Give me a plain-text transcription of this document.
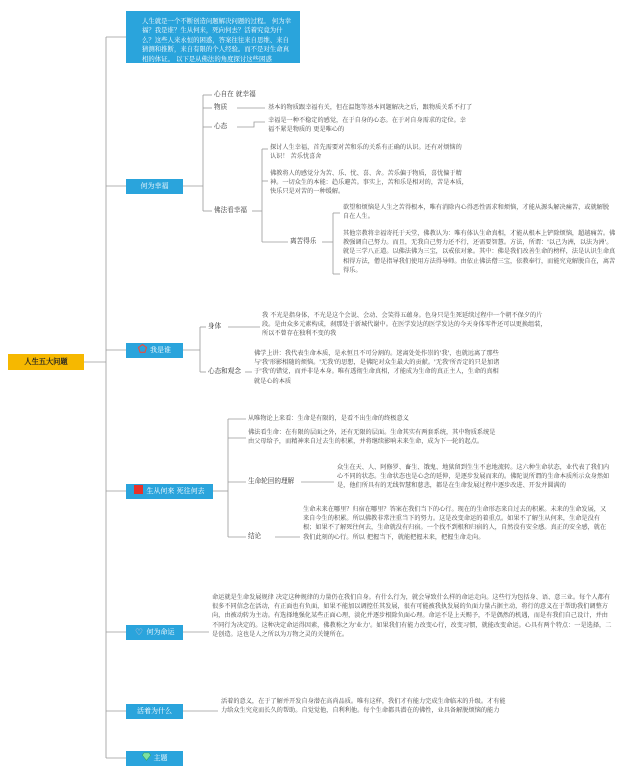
人生五大问题
人生就是一个不断创造问题解决问题的过程。 何为幸福？我是谁？生从何来，死向何去？活着究竟为什么？这些人来永恒的困惑，答案往往来自思维、来自猜测和推断，来自有限的个人经验。而不是对生命真相的体证。 以下是从佛法的角度探讨这些困惑
何为幸福
心自在 就幸福
物质	基本的物质跟幸福有关，但在温饱等基本问题解决之后，跟物质关系不打了
心态
幸福是一种不稳定的感觉，在于自身的心态。在于对自身需求的定位。幸福不紧是物质的 更是唯心的
佛法看幸福
探讨人生幸福，首先需要对苦和乐的关系有正确的认识。还有对烦恼的认识！ 苦乐忧喜舍
佛教将人的感觉分为苦、乐、忧、喜、舍。苦乐偏于物质，喜忧偏于精神。一切众生的本能：趋乐避苦。事实上，苦和乐是相对的，苦是本质，快乐只是对苦的一种缓解。
离苦得乐
欲望和烦恼是人生之苦得根本，唯有消除内心得恶性需求和烦恼，才能从源头解决痛苦，或就解脱自在人生。
其他宗教将幸福寄托于天堂，佛教认为：唯有体认生命真相，才能从根本上铲除烦恼，超越痛苦。佛教强调自己努力。而且，无我自己努力还不行，还需要智慧。方法，所谓：'以己为洲，以法为洲'。就是三学八正道。以佛法佛为三宝，以戒依对象。其中：佛是我们改善生命的榜样，法是认识生命真相得方法，僧是指导我们使用方法得导师。由依止佛法僧三宝，依教奉行，而能究竟解脱自在，离苦得乐。
我是谁
身体
我 不光是指身体，不光是这个会说、会动、会笑得五蕴身。色身只是生死延续过程中一个朝不保夕的片段。是由众多元素构成，刹那处于新城代谢中。在医学发达的医学发达的今天身体零件还可以更换组装，所以不曾存在独利不变的我
心态和观念
佛学上讲：我代表生命本质，是永恒且不可分割的。迷离处处作崇的'我'，也就远离了那些与'我'形影相随的烦恼。'无我'的思想，是佛陀对众生最大的贡献。'无我'所否定的只是加诸于'我'的错觉，而并非是本身。唯有透彻生命真相，才能成为生命的真正主人，生命的真相 就是心的本质
生从何来 死往何去
从唯物论上来看：生命是有限的，是看不出生命的终极意义
佛法看生命：在有限的层面之外，还有无限的层面。生命其实有两套系统，其中物质系统是由父母给予，而精神来自过去生的积累，并将继续影响未来生命，成为下一轮的起点。
生命轮回的理解
众生在天、人、阿修罗、畜生、饿鬼、地狱留到生生不息地流转。这六种生命状态，业代表了我们内心不同的状态。生命状态也是心念的延伸，是逐步发展而来的。佛陀说所谓的生命本质所示众身然如是，他们所具有的无线智慧和慈悲，都是在生命发展过程中逐步改进、开发并圆满的
结论
生命未来在哪里？归宿在哪里？答案在我们当下的心行。现在的生命形态来自过去的积累。未来的生命发展，又来自今生的积累。所以佛教非常注重当下的努力。这是改变命运的着重点。如果不了解生从何来，生命是没有根；如果不了解死往何去，生命就没有归宿。一个找不到根和归宿的人，自然没有安全感。真正的安全感，就在我们此刻的心行。所以 把握当下，就能把握未来，把握生命走向。
♡ 何为命运
命运就是生命发展规律 决定这种规律的力量仍在我们自身。有什么行为，就会导致什么样的命运走向。这些行为包括身、语、意三业。每个人都有很多不同信念在活动，有正面也有负面，如果不能加以调控任其发展，很有可能被我执发展的负面力量占据主动，将行的意义在于帮助我们调整方向，由被动转为主动。有选择地强化某些正面心理，淡化并逐步根除负面心理。命运不是上天赐予，不是偶然的机遇，而是有我们自己设计，并由不同行为决定的。这种决定命运得因素，佛教称之为'业力'。如果我们有能力改变心行，改变习惯，就能改变命运。心具有两个特点：一是选择，二是创造。这也是人之所以为万物之灵的关键所在。
活着为什么
活着的意义，在于了解并开发自身潜在高尚品质。唯有这样，我们才有能力完成生命临末的升级。才有能力给众生究竟而长久的帮助。自觉觉他，自利利他。每个生命都具潜在的佛性，业具备解脱烦恼的能力
主题
